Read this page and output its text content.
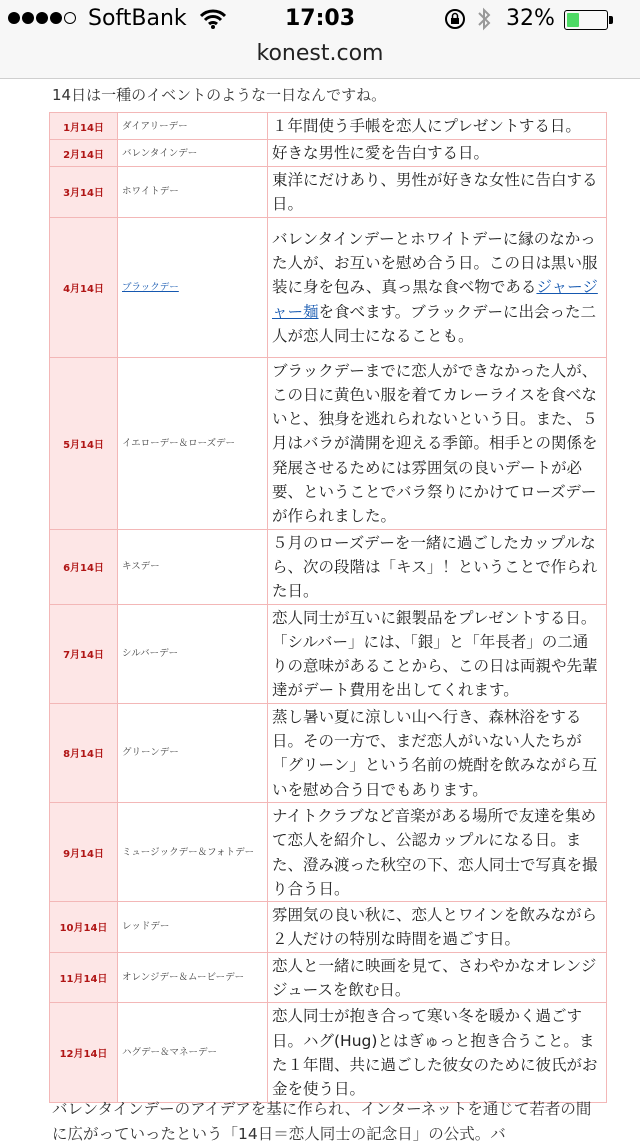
SoftBank	17:03	32%
konest.com
14日は一種のイベントのような一日なんですね。
1月14日	ダイアリーデー	１年間使う手帳を恋人にプレゼントする日。
2月14日	バレンタインデー	好きな男性に愛を告白する日。
3月14日	ホワイトデー	東洋にだけあり、男性が好きな女性に告白する日。
4月14日	ブラックデー	バレンタインデーとホワイトデーに縁のなかった人が、お互いを慰め合う日。この日は黒い服装に身を包み、真っ黒な食べ物であるジャージャー麺を食べます。ブラックデーに出会った二人が恋人同士になることも。
5月14日	イエローデー＆ローズデー	ブラックデーまでに恋人ができなかった人が、この日に黄色い服を着てカレーライスを食べないと、独身を逃れられないという日。また、５月はバラが満開を迎える季節。相手との関係を発展させるためには雰囲気の良いデートが必要、ということでバラ祭りにかけてローズデーが作られました。
6月14日	キスデー	５月のローズデーを一緒に過ごしたカップルなら、次の段階は「キス」！ということで作られた日。
7月14日	シルバーデー	恋人同士が互いに銀製品をプレゼントする日。「シルバー」には、「銀」と「年長者」の二通りの意味があることから、この日は両親や先輩達がデート費用を出してくれます。
8月14日	グリーンデー	蒸し暑い夏に涼しい山へ行き、森林浴をする日。その一方で、まだ恋人がいない人たちが「グリーン」という名前の焼酎を飲みながら互いを慰め合う日でもあります。
9月14日	ミュージックデー＆フォトデー	ナイトクラブなど音楽がある場所で友達を集めて恋人を紹介し、公認カップルになる日。また、澄み渡った秋空の下、恋人同士で写真を撮り合う日。
10月14日	レッドデー	雰囲気の良い秋に、恋人とワインを飲みながら２人だけの特別な時間を過ごす日。
11月14日	オレンジデー＆ムービーデー	恋人と一緒に映画を見て、さわやかなオレンジジュースを飲む日。
12月14日	ハグデー＆マネーデー	恋人同士が抱き合って寒い冬を暖かく過ごす日。ハグ(Hug)とはぎゅっと抱き合うこと。また１年間、共に過ごした彼女のために彼氏がお金を使う日。
バレンタインデーのアイデアを基に作られ、インターネットを通じて若者の間に広がっていったという「14日＝恋人同士の記念日」の公式。バ
